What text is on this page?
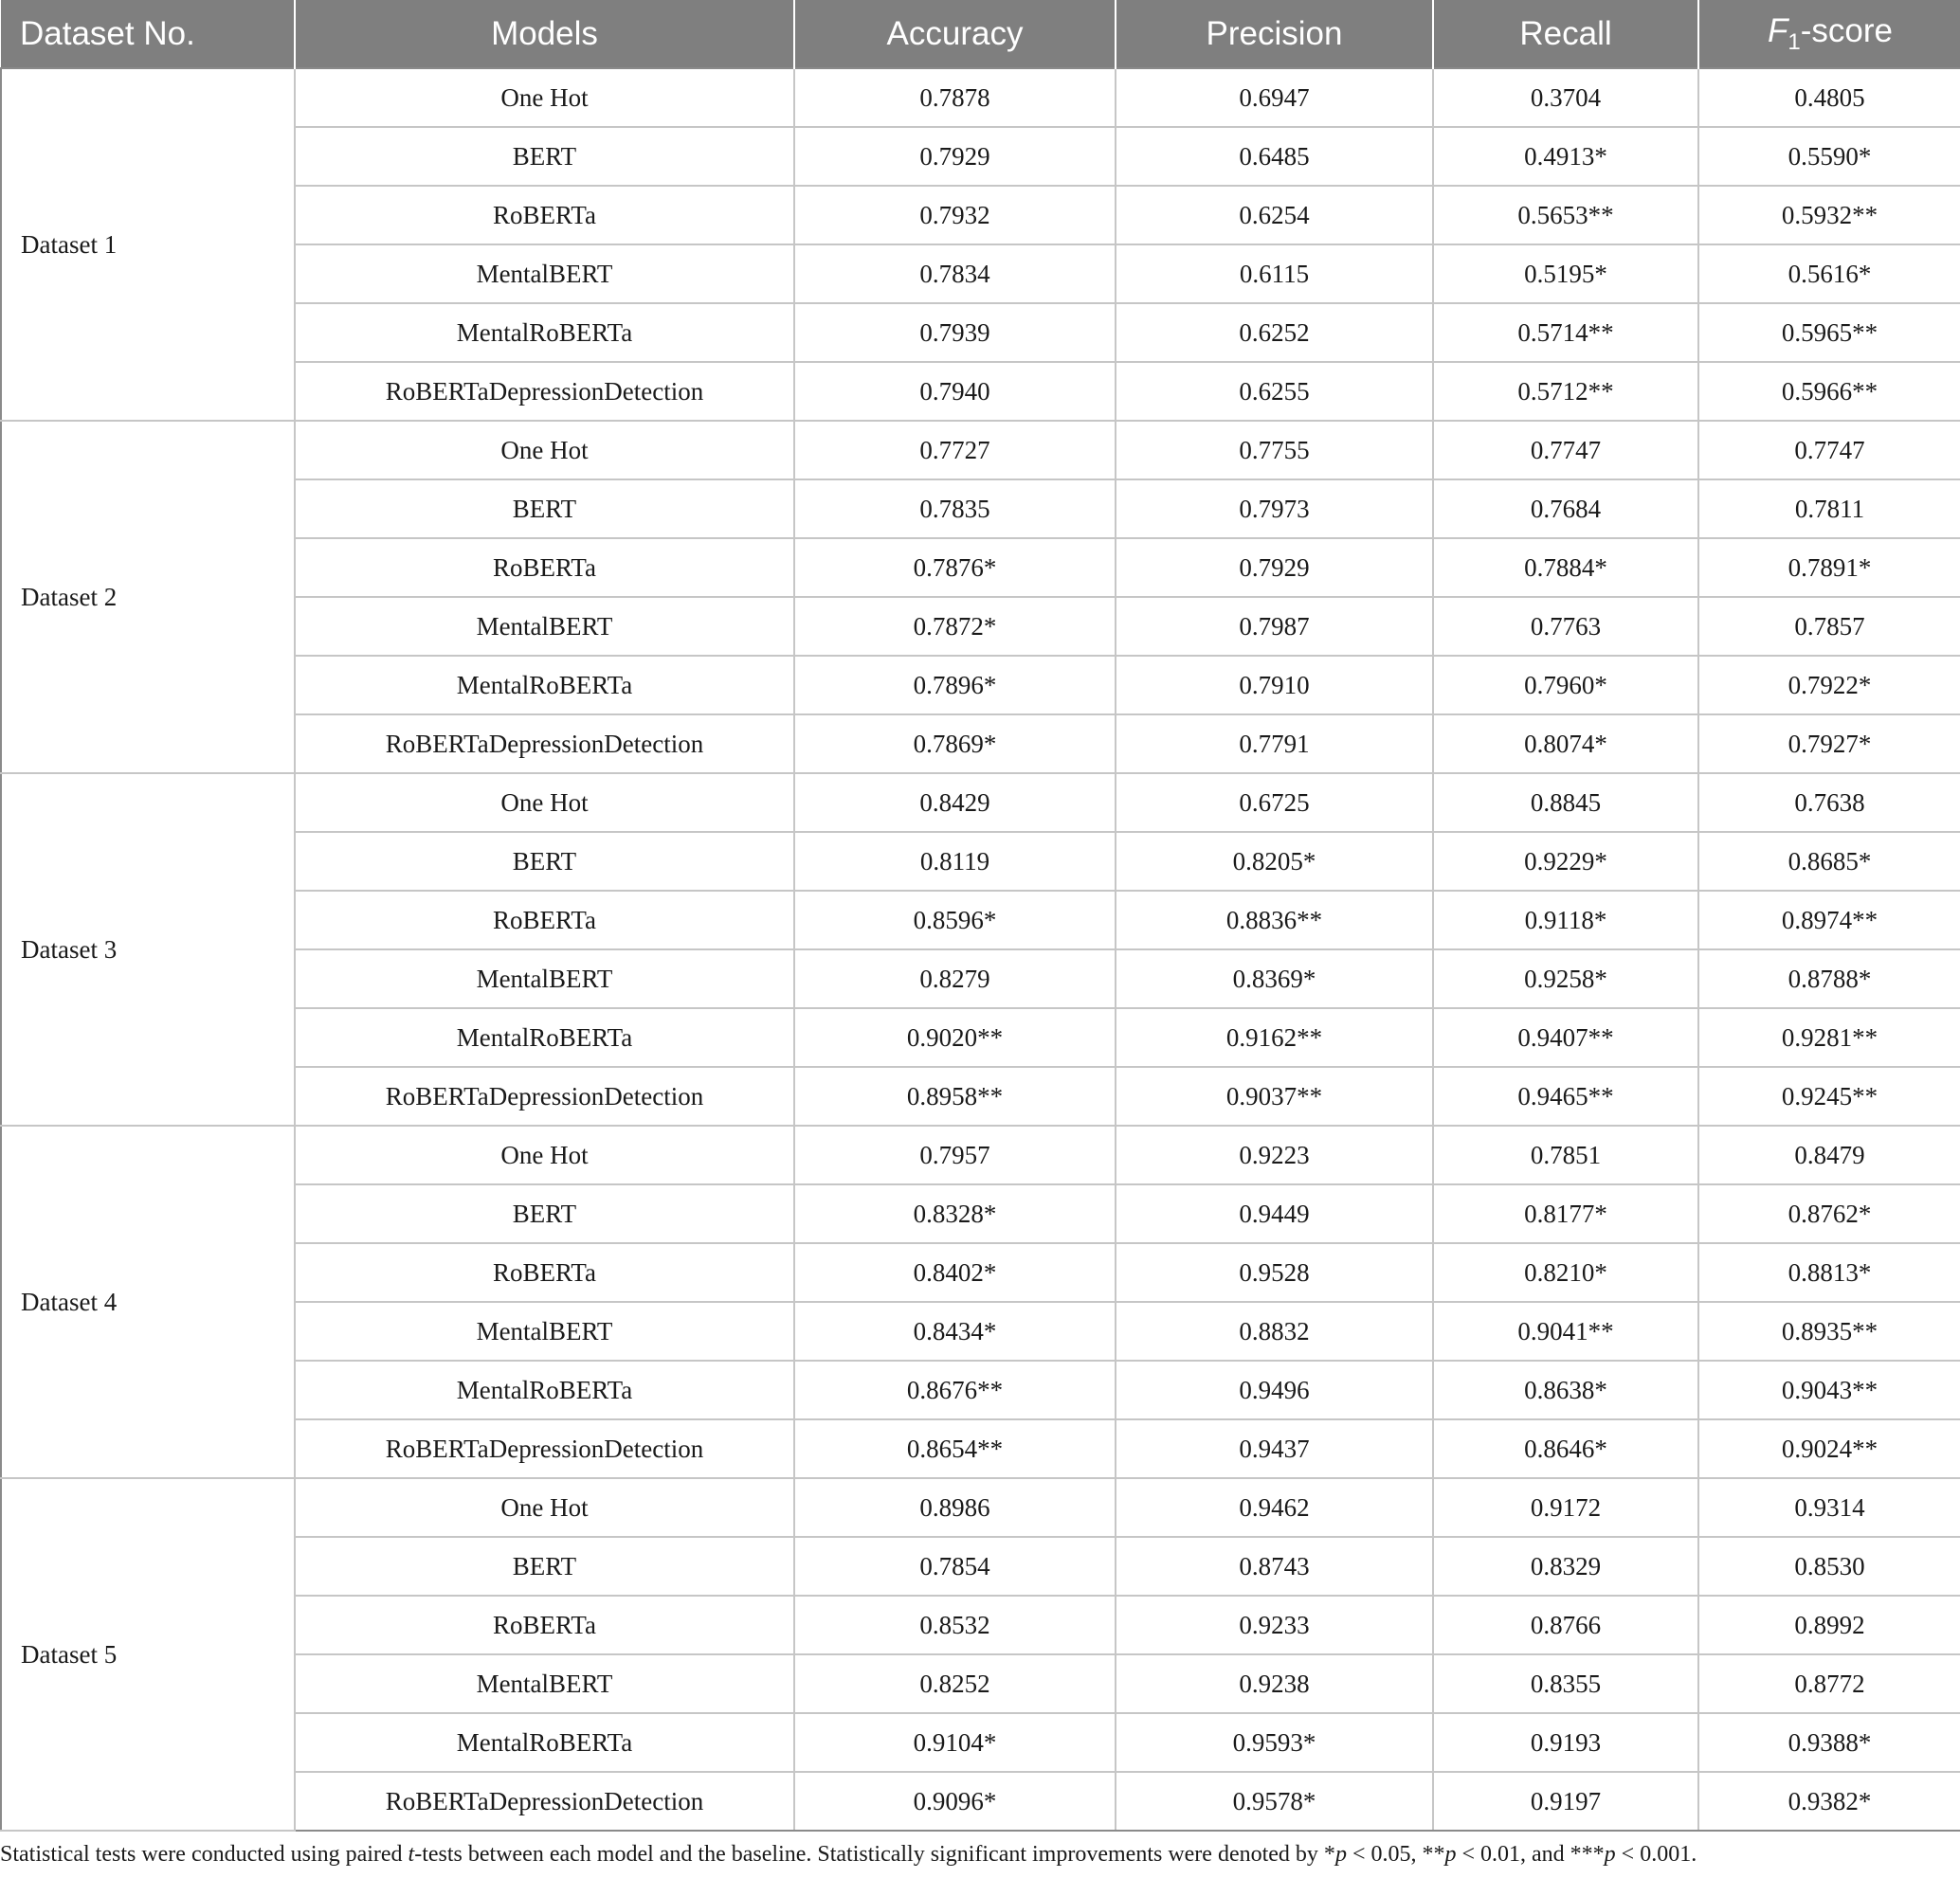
Dataset No.	Models	Accuracy	Precision	Recall	$F_1$-score
Dataset 1	One Hot	0.7878	0.6947	0.3704	0.4805
	BERT	0.7929	0.6485	0.4913*	0.5590*
	RoBERTa	0.7932	0.6254	0.5653**	0.5932**
	MentalBERT	0.7834	0.6115	0.5195*	0.5616*
	MentalRoBERTa	0.7939	0.6252	0.5714**	0.5965**
	RoBERTaDepressionDetection	0.7940	0.6255	0.5712**	0.5966**
Dataset 2	One Hot	0.7727	0.7755	0.7747	0.7747
	BERT	0.7835	0.7973	0.7684	0.7811
	RoBERTa	0.7876*	0.7929	0.7884*	0.7891*
	MentalBERT	0.7872*	0.7987	0.7763	0.7857
	MentalRoBERTa	0.7896*	0.7910	0.7960*	0.7922*
	RoBERTaDepressionDetection	0.7869*	0.7791	0.8074*	0.7927*
Dataset 3	One Hot	0.8429	0.6725	0.8845	0.7638
	BERT	0.8119	0.8205*	0.9229*	0.8685*
	RoBERTa	0.8596*	0.8836**	0.9118*	0.8974**
	MentalBERT	0.8279	0.8369*	0.9258*	0.8788*
	MentalRoBERTa	0.9020**	0.9162**	0.9407**	0.9281**
	RoBERTaDepressionDetection	0.8958**	0.9037**	0.9465**	0.9245**
Dataset 4	One Hot	0.7957	0.9223	0.7851	0.8479
	BERT	0.8328*	0.9449	0.8177*	0.8762*
	RoBERTa	0.8402*	0.9528	0.8210*	0.8813*
	MentalBERT	0.8434*	0.8832	0.9041**	0.8935**
	MentalRoBERTa	0.8676**	0.9496	0.8638*	0.9043**
	RoBERTaDepressionDetection	0.8654**	0.9437	0.8646*	0.9024**
Dataset 5	One Hot	0.8986	0.9462	0.9172	0.9314
	BERT	0.7854	0.8743	0.8329	0.8530
	RoBERTa	0.8532	0.9233	0.8766	0.8992
	MentalBERT	0.8252	0.9238	0.8355	0.8772
	MentalRoBERTa	0.9104*	0.9593*	0.9193	0.9388*
	RoBERTaDepressionDetection	0.9096*	0.9578*	0.9197	0.9382*
Statistical tests were conducted using paired t-tests between each model and the baseline. Statistically significant improvements were denoted by *p < 0.05, **p < 0.01, and ***p < 0.001.
